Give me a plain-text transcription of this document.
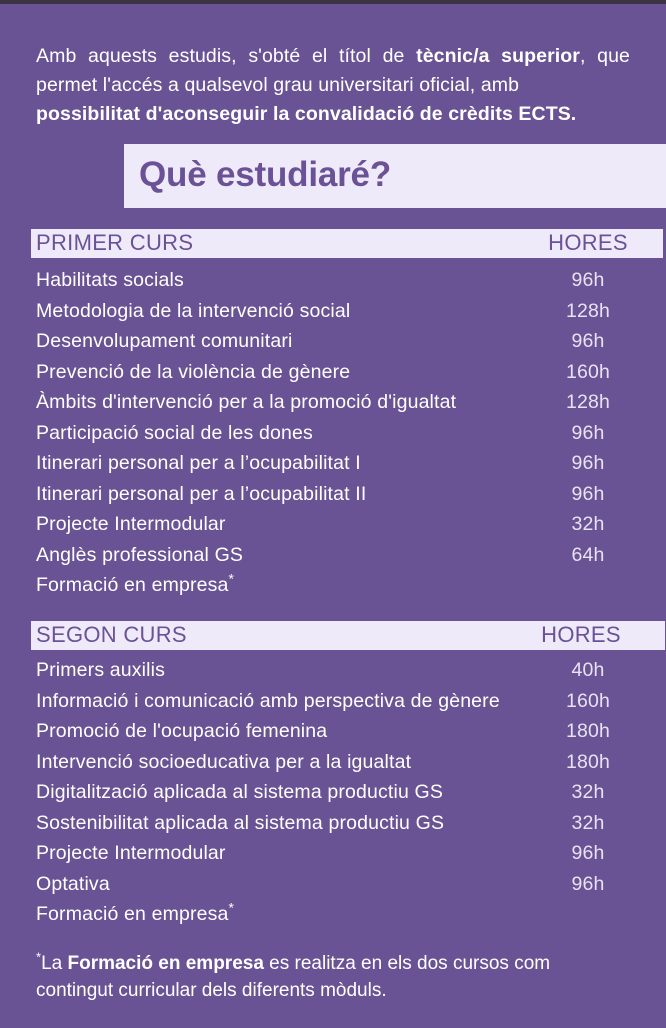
Amb aquests estudis, s'obté el títol de tècnic/a superior, que permet l'accés a qualsevol grau universitari oficial, amb
possibilitat d'aconseguir la convalidació de crèdits ECTS.

Què estudiaré?
PRIMER CURS	HORES
Habilitats socials	96h
Metodologia de la intervenció social	128h
Desenvolupament comunitari	96h
Prevenció de la violència de gènere	160h
Àmbits d'intervenció per a la promoció d'igualtat	128h
Participació social de les dones	96h
Itinerari personal per a l’ocupabilitat I	96h
Itinerari personal per a l’ocupabilitat II	96h
Projecte Intermodular	32h
Anglès professional GS	64h
Formació en empresa*
SEGON CURS	HORES
Primers auxilis	40h
Informació i comunicació amb perspectiva de gènere	160h
Promoció de l'ocupació femenina	180h
Intervenció socioeducativa per a la igualtat	180h
Digitalització aplicada al sistema productiu GS	32h
Sostenibilitat aplicada al sistema productiu GS	32h
Projecte Intermodular	96h
Optativa	96h
Formació en empresa*

*La Formació en empresa es realitza en els dos cursos com
contingut curricular dels diferents mòduls.
